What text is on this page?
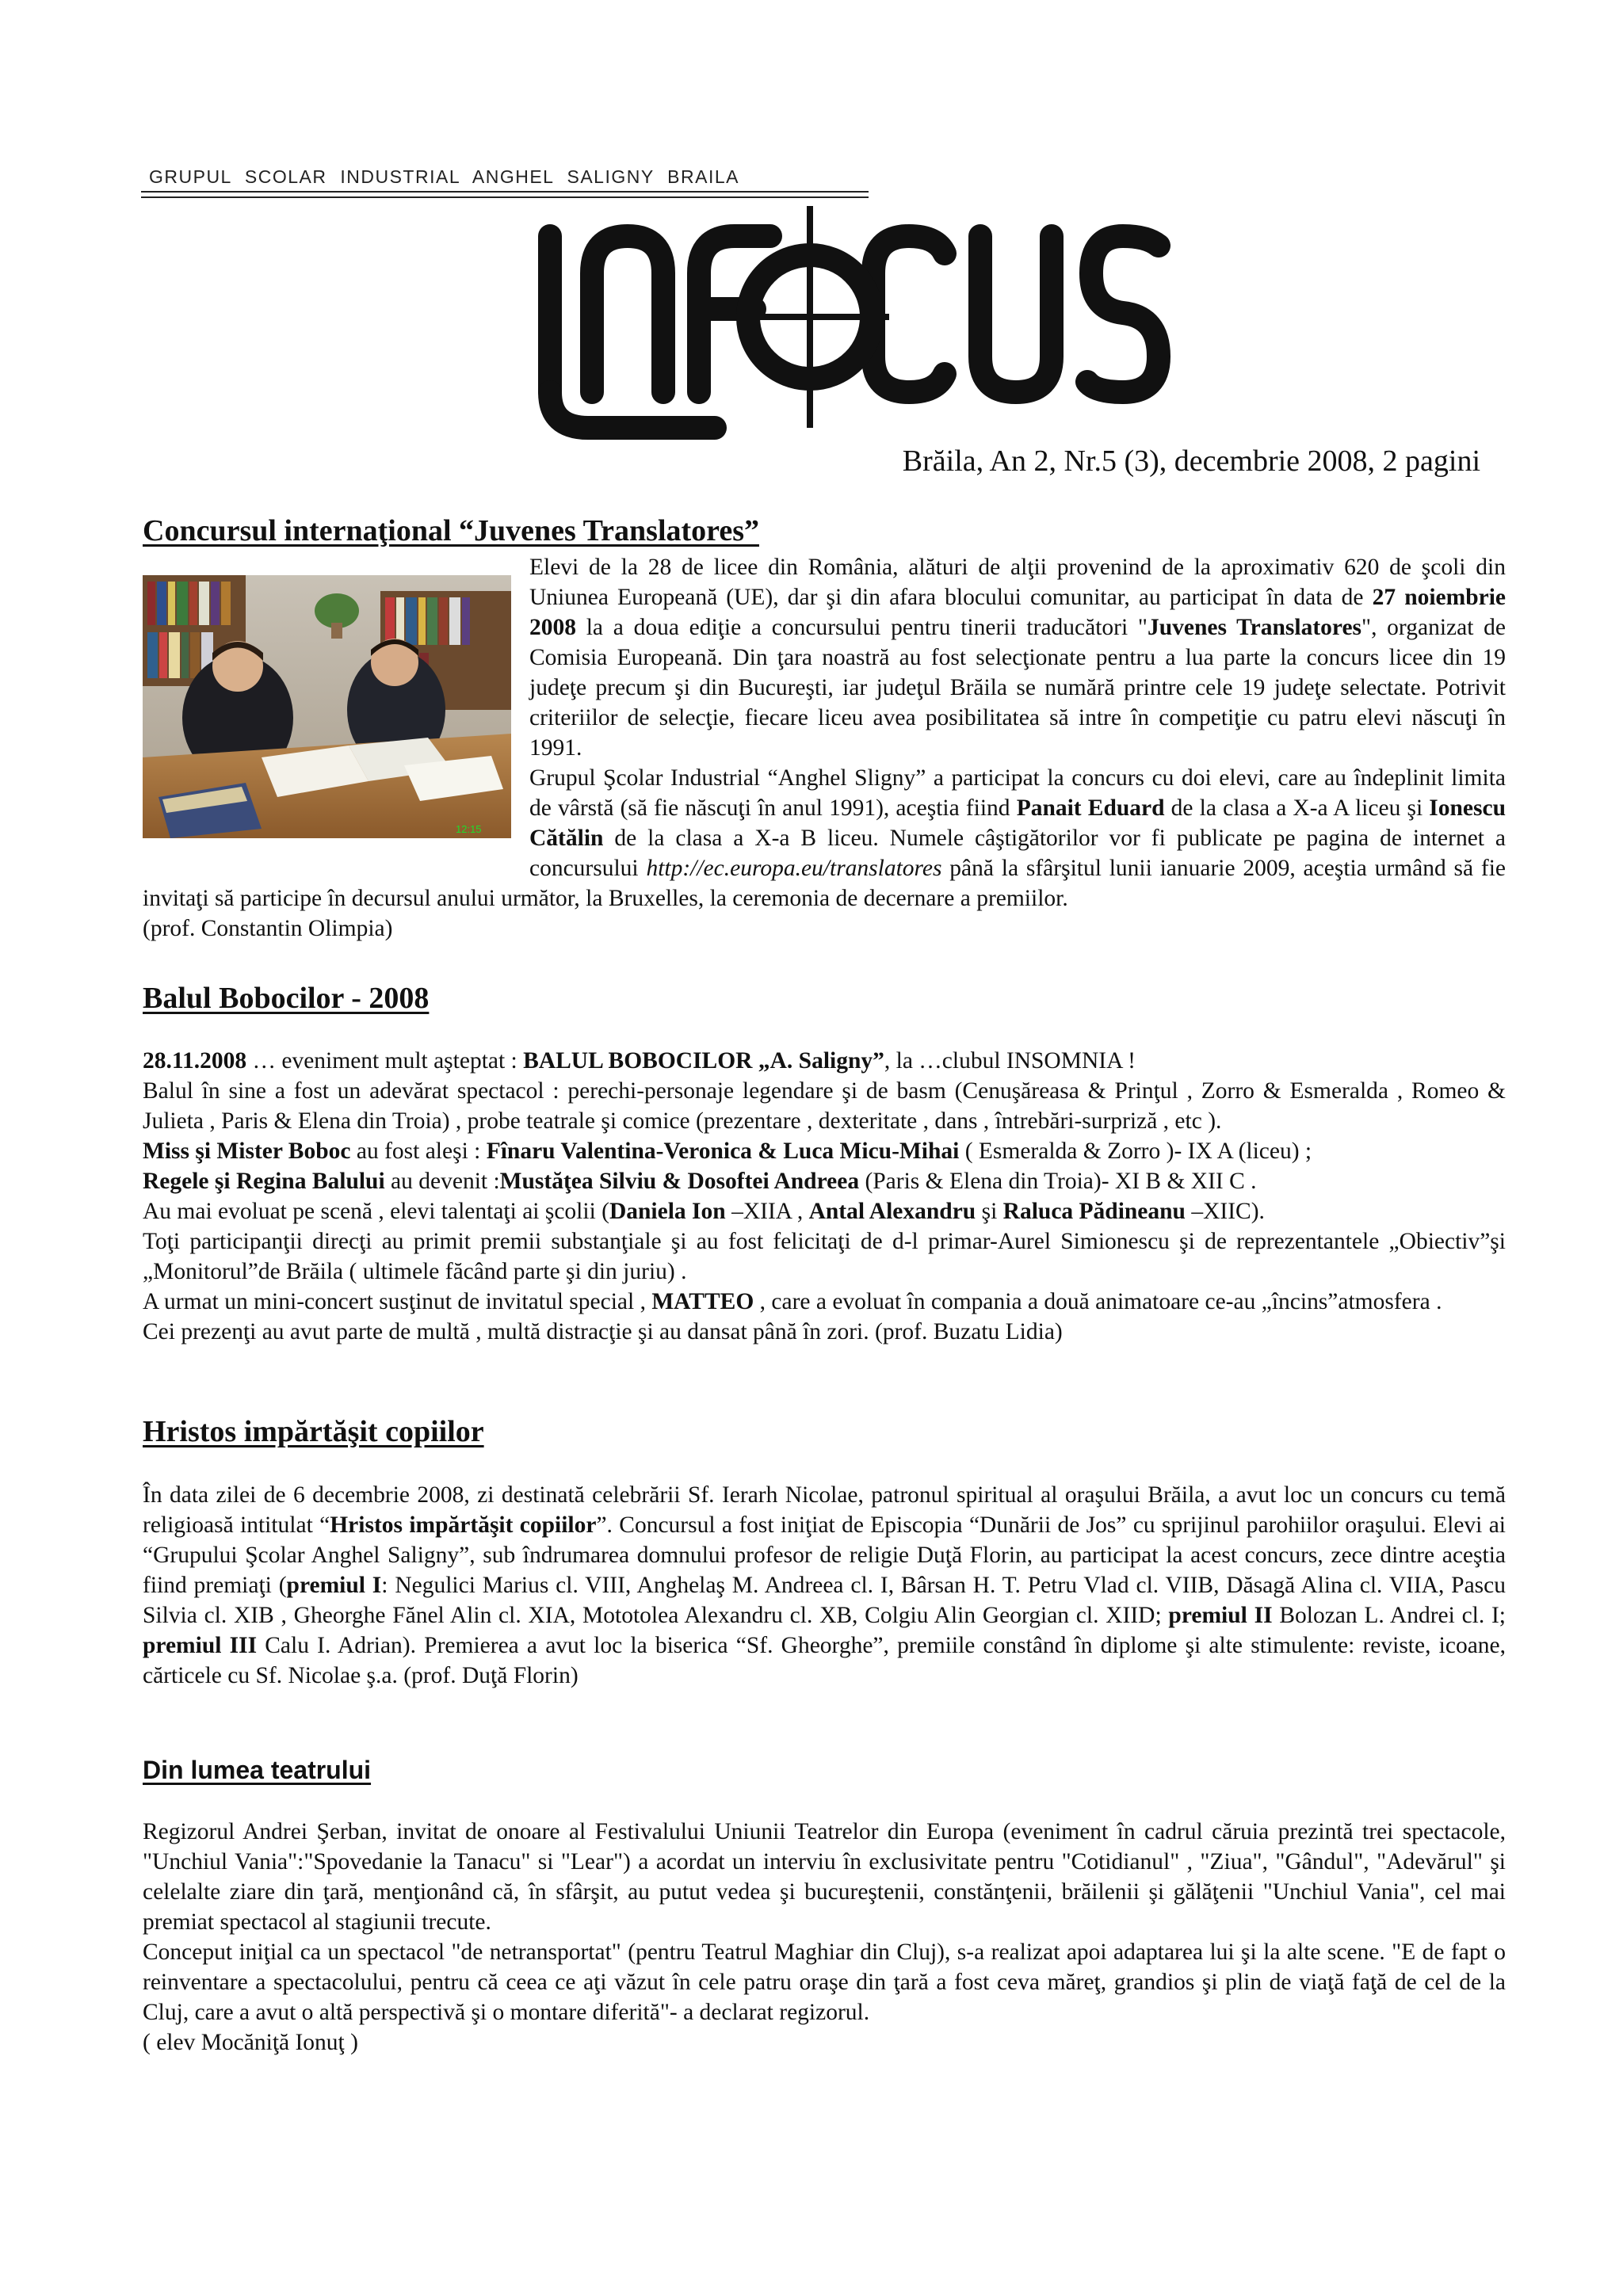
GRUPUL SCOLAR INDUSTRIAL ANGHEL SALIGNY BRAILA
Brăila, An 2, Nr.5 (3), decembrie 2008, 2 pagini
Concursul internaţional “Juvenes Translatores”
12:15

Elevi de la 28 de licee din România, alături de alţii provenind de la aproximativ 620 de şcoli din Uniunea Europeană (UE), dar şi din afara blocului comunitar, au participat în data de 27 noiembrie 2008 la a doua ediţie a concursului pentru tinerii traducători "Juvenes Translatores", organizat de Comisia Europeană. Din ţara noastră au fost selecţionate pentru a lua parte la concurs licee din 19 judeţe precum şi din Bucureşti, iar judeţul Brăila se numără printre cele 19 judeţe selectate. Potrivit criteriilor de selecţie, fiecare liceu avea posibilitatea să intre în competiţie cu patru elevi născuţi în 1991.

Grupul Şcolar Industrial “Anghel Sligny” a participat la concurs cu doi elevi, care au îndeplinit limita de vârstă (să fie născuţi în anul 1991), aceştia fiind Panait Eduard de la clasa a X-a A liceu şi Ionescu Cătălin de la clasa a X-a B liceu. Numele câştigătorilor vor fi publicate pe pagina de internet a concursului http://ec.europa.eu/translatores până la sfârşitul lunii ianuarie 2009, aceştia urmând să fie invitaţi să participe în decursul anului următor, la Bruxelles, la ceremonia de decernare a premiilor.

(prof. Constantin Olimpia)

Balul Bobocilor - 2008

28.11.2008 … eveniment mult aşteptat : BALUL BOBOCILOR „A. Saligny”, la …clubul INSOMNIA !

Balul în sine a fost un adevărat spectacol : perechi-personaje legendare şi de basm (Cenuşăreasa & Prinţul , Zorro & Esmeralda , Romeo & Julieta , Paris & Elena din Troia) , probe teatrale şi comice (prezentare , dexteritate , dans , întrebări-surpriză , etc ).

Miss şi Mister Boboc au fost aleşi : Fînaru Valentina-Veronica & Luca Micu-Mihai ( Esmeralda & Zorro )- IX A (liceu) ;

Regele şi Regina Balului au devenit :Mustăţea Silviu & Dosoftei Andreea (Paris & Elena din Troia)- XI B & XII C .

Au mai evoluat pe scenă , elevi talentaţi ai şcolii (Daniela Ion –XIIA , Antal Alexandru şi Raluca Pădineanu –XIIC).

Toţi participanţii direcţi au primit premii substanţiale şi au fost felicitaţi de d-l primar-Aurel Simionescu şi de reprezentantele „Obiectiv”şi „Monitorul”de Brăila ( ultimele făcând parte şi din juriu) .

A urmat un mini-concert susţinut de invitatul special , MATTEO , care a evoluat în compania a două animatoare ce-au „încins”atmosfera .

Cei prezenţi au avut parte de multă , multă distracţie şi au dansat până în zori. (prof. Buzatu Lidia)

Hristos impărtăşit copiilor

În data zilei de 6 decembrie 2008, zi destinată celebrării Sf. Ierarh Nicolae, patronul spiritual al oraşului Brăila, a avut loc un concurs cu temă religioasă intitulat “Hristos impărtăşit copiilor”. Concursul a fost iniţiat de Episcopia “Dunării de Jos” cu sprijinul parohiilor oraşului. Elevi ai “Grupului Şcolar Anghel Saligny”, sub îndrumarea domnului profesor de religie Duţă Florin, au participat la acest concurs, zece dintre aceştia fiind premiaţi (premiul I: Negulici Marius cl. VIII, Anghelaş M. Andreea cl. I, Bârsan H. T. Petru Vlad cl. VIIB, Dăsagă Alina cl. VIIA, Pascu Silvia cl. XIB , Gheorghe Fănel Alin cl. XIA, Mototolea Alexandru cl. XB, Colgiu Alin Georgian cl. XIID; premiul II Bolozan L. Andrei cl. I; premiul III Calu I. Adrian). Premierea a avut loc la biserica “Sf. Gheorghe”, premiile constând în diplome şi alte stimulente: reviste, icoane, cărticele cu Sf. Nicolae ş.a. (prof. Duţă Florin)

Din lumea teatrului

Regizorul Andrei Şerban, invitat de onoare al Festivalului Uniunii Teatrelor din Europa (eveniment în cadrul căruia prezintă trei spectacole, "Unchiul Vania":"Spovedanie la Tanacu" si "Lear") a acordat un interviu în exclusivitate pentru "Cotidianul" , "Ziua", "Gândul", "Adevărul" şi celelalte ziare din ţară, menţionând că, în sfârşit, au putut vedea şi bucureştenii, constănţenii, brăilenii şi gălăţenii "Unchiul Vania", cel mai premiat spectacol al stagiunii trecute.

Conceput iniţial ca un spectacol "de netransportat" (pentru Teatrul Maghiar din Cluj), s-a realizat apoi adaptarea lui şi la alte scene. "E de fapt o reinventare a spectacolului, pentru că ceea ce aţi văzut în cele patru oraşe din ţară a fost ceva măreţ, grandios şi plin de viaţă faţă de cel de la Cluj, care a avut o altă perspectivă şi o montare diferită"- a declarat regizorul.

( elev Mocăniţă Ionuţ )
